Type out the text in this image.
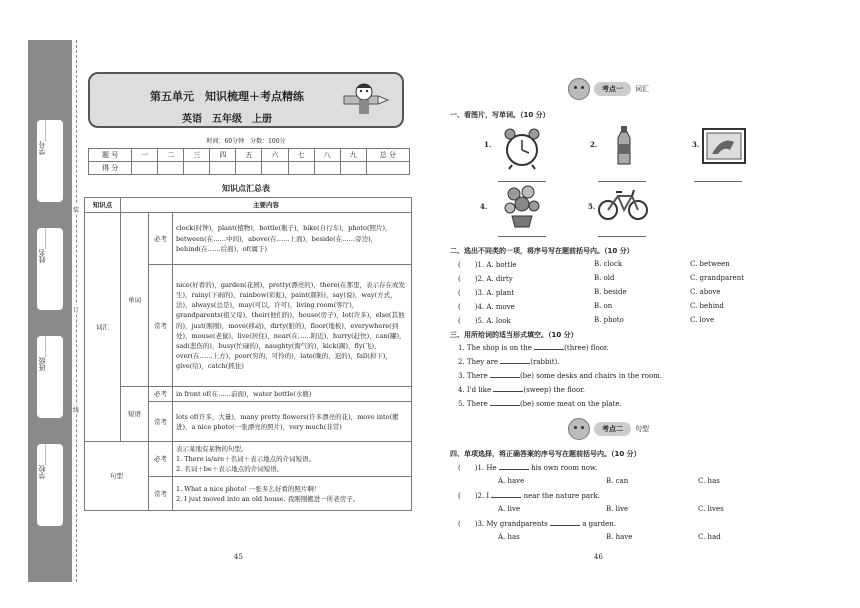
学号______
姓名______
班级______
学校______
装
订
线
第五单元　知识梳理＋考点精练
英语　五年级　上册
时间：60分钟　分数：100分
题 号	一	二	三	四	五	六	七	八	九	总 分
得 分										
知识点汇总表
知识点	主要内容		
词汇	单词	必考	clock(时钟)，plant(植物)，bottle(瓶子)，bike(自行车)，photo(照片)，between(在……中间)，above(在……上面)，beside(在……旁边)，behind(在……后面)，of(属于)
		常考	nice(好看的)，garden(花园)，pretty(漂亮的)，there(在那里，表示存在或发生)，rainy(下雨的)，rainbow(彩虹)，paint(颜料)，say(说)，way(方式，法)，always(总是)，may(可以，许可)，living room(客厅)，grandparents(祖父母)，their(他们的)，house(房子)，lot(许多)，else(其他的)，just(刚刚)，move(移动)，dirty(脏的)，floor(地板)，everywhere(到处)，mouse(老鼠)，live(居住)，near(在……附近)，hurry(赶快)，can(罐)，sad(悲伤的)，busy(忙碌的)，naughty(淘气的)，kick(踢)，fly(飞)，over(在……上方)，poor(穷的，可怜的)，late(晚的，迟的)，fall(掉下)，give(给)，catch(抓住)
	短语	必考	in front of(在……前面)，water bottle(水瓶)
		常考	lots of(许多，大量)，many pretty flowers(许多漂亮的花)，move into(搬进)，a nice photo(一张漂亮的照片)，very much(非常)
句型		必考	表示某地有某物的句型。
1. There is/are＋名词＋表示地点的介词短语。
2. 名词＋be＋表示地点的介词短语。

		常考	1. What a nice photo! 一张多么好看的照片啊！
2. I just moved into an old house. 我刚刚搬进一所老房子。
45
考点一	词汇
一、看图片，写单词。（10 分）
1.	2.	3.
4.	5.
二、选出不同类的一项，将序号写在题前括号内。（10 分）
(　　)1. A. bottle	B. clock	C. between
(　　)2. A. dirty	B. old	C. grandparent
(　　)3. A. plant	B. beside	C. above
(　　)4. A. move	B. on	C. behind
(　　)5. A. look	B. photo	C. love
三、用所给词的适当形式填空。（10 分）
1. The shop is on the	(three) floor.
2. They are	(rabbit).
3. There	(be) some desks and chairs in the room.
4. I'd like	(sweep) the floor.
5. There	(be) some meat on the plate.
考点二	句型
四、单项选择，将正确答案的序号写在题前括号内。（10 分）
(　　)1. He	his own room now.
A. have	B. can	C. has
(　　)2. I	near the nature park.
A. live	B. live	C. lives
(　　)3. My grandparents	a garden.
A. has	B. have	C. had
46
